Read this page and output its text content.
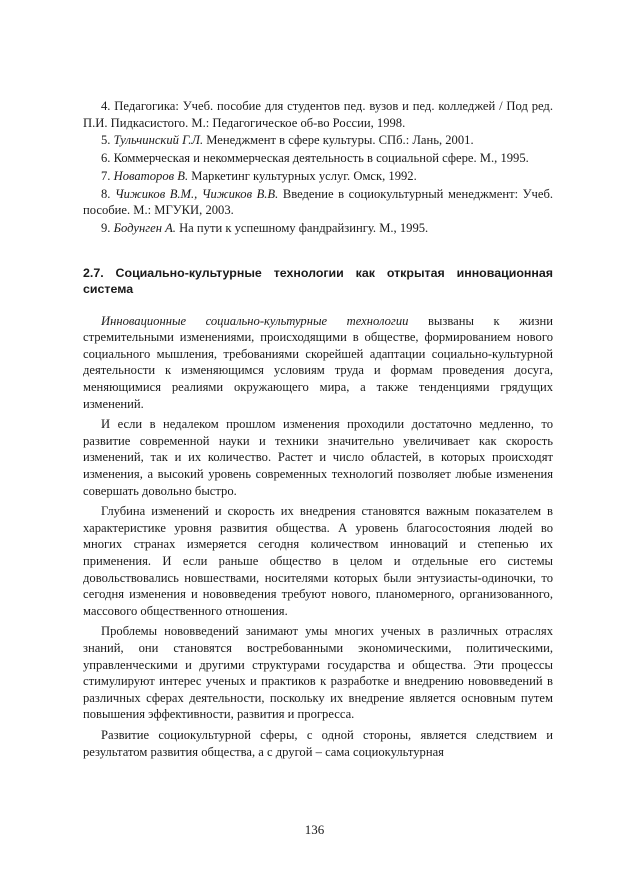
4. Педагогика: Учеб. пособие для студентов пед. вузов и пед. колледжей / Под ред. П.И. Пидкасистого. М.: Педагогическое об-во России, 1998.

5. Тульчинский Г.Л. Менеджмент в сфере культуры. СПб.: Лань, 2001.

6. Коммерческая и некоммерческая деятельность в социальной сфере. М., 1995.

7. Новаторов В. Маркетинг культурных услуг. Омск, 1992.

8. Чижиков В.М., Чижиков В.В. Введение в социокультурный менеджмент: Учеб. пособие. М.: МГУКИ, 2003.

9. Бодунген А. На пути к успешному фандрайзингу. М., 1995.

2.7. Социально-культурные технологии как открытая инновационная система

Инновационные социально-культурные технологии вызваны к жизни стремительными изменениями, происходящими в обществе, формированием нового социального мышления, требованиями скорейшей адаптации социально-культурной деятельности к изменяющимся условиям труда и формам проведения досуга, меняющимися реалиями окружающего мира, а также тенденциями грядущих изменений.

И если в недалеком прошлом изменения проходили достаточно медленно, то развитие современной науки и техники значительно увеличивает как скорость изменений, так и их количество. Растет и число областей, в которых происходят изменения, а высокий уровень современных технологий позволяет любые изменения совершать довольно быстро.

Глубина изменений и скорость их внедрения становятся важным показателем в характеристике уровня развития общества. А уровень благосостояния людей во многих странах измеряется сегодня количеством инноваций и степенью их применения. И если раньше общество в целом и отдельные его системы довольствовались новшествами, носителями которых были энтузиасты-одиночки, то сегодня изменения и нововведения требуют нового, планомерного, организованного, массового общественного отношения.

Проблемы нововведений занимают умы многих ученых в различных отраслях знаний, они становятся востребованными экономическими, политическими, управленческими и другими структурами государства и общества. Эти процессы стимулируют интерес ученых и практиков к разработке и внедрению нововведений в различных сферах деятельности, поскольку их внедрение является основным путем повышения эффективности, развития и прогресса.

Развитие социокультурной сферы, с одной стороны, является следствием и результатом развития общества, а с другой – сама социокультурная

136
